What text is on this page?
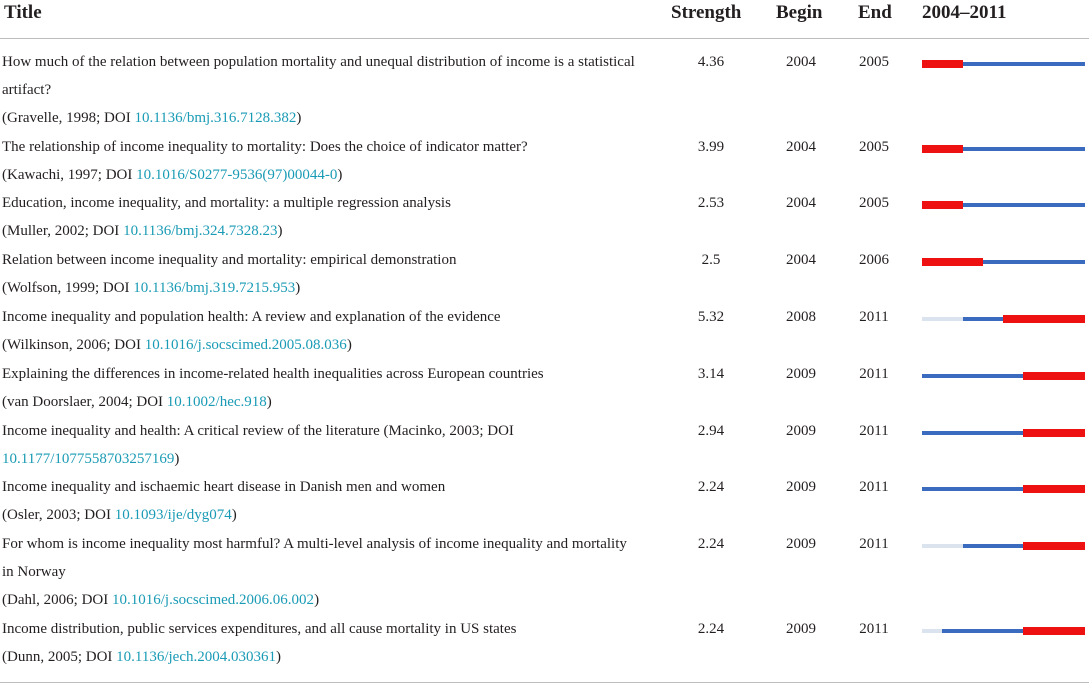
Title	Strength Begin End 2004–2011
How much of the relation between population mortality and unequal distribution of income is a statistical artifact?
(Gravelle, 1998; DOI 10.1136/bmj.316.7128.382)
4.36	2004	2005
The relationship of income inequality to mortality: Does the choice of indicator matter?
(Kawachi, 1997; DOI 10.1016/S0277-9536(97)00044-0)
3.99	2004	2005
Education, income inequality, and mortality: a multiple regression analysis
(Muller, 2002; DOI 10.1136/bmj.324.7328.23)
2.53	2004	2005
Relation between income inequality and mortality: empirical demonstration
(Wolfson, 1999; DOI 10.1136/bmj.319.7215.953)
2.5	2004	2006
Income inequality and population health: A review and explanation of the evidence
(Wilkinson, 2006; DOI 10.1016/j.socscimed.2005.08.036)
5.32	2008	2011
Explaining the differences in income-related health inequalities across European countries
(van Doorslaer, 2004; DOI 10.1002/hec.918)
3.14	2009	2011
Income inequality and health: A critical review of the literature (Macinko, 2003; DOI
10.1177/1077558703257169)
2.94	2009	2011
Income inequality and ischaemic heart disease in Danish men and women
(Osler, 2003; DOI 10.1093/ije/dyg074)
2.24	2009	2011
For whom is income inequality most harmful? A multi-level analysis of income inequality and mortality in Norway
(Dahl, 2006; DOI 10.1016/j.socscimed.2006.06.002)
2.24	2009	2011
Income distribution, public services expenditures, and all cause mortality in US states
(Dunn, 2005; DOI 10.1136/jech.2004.030361)
2.24	2009	2011
